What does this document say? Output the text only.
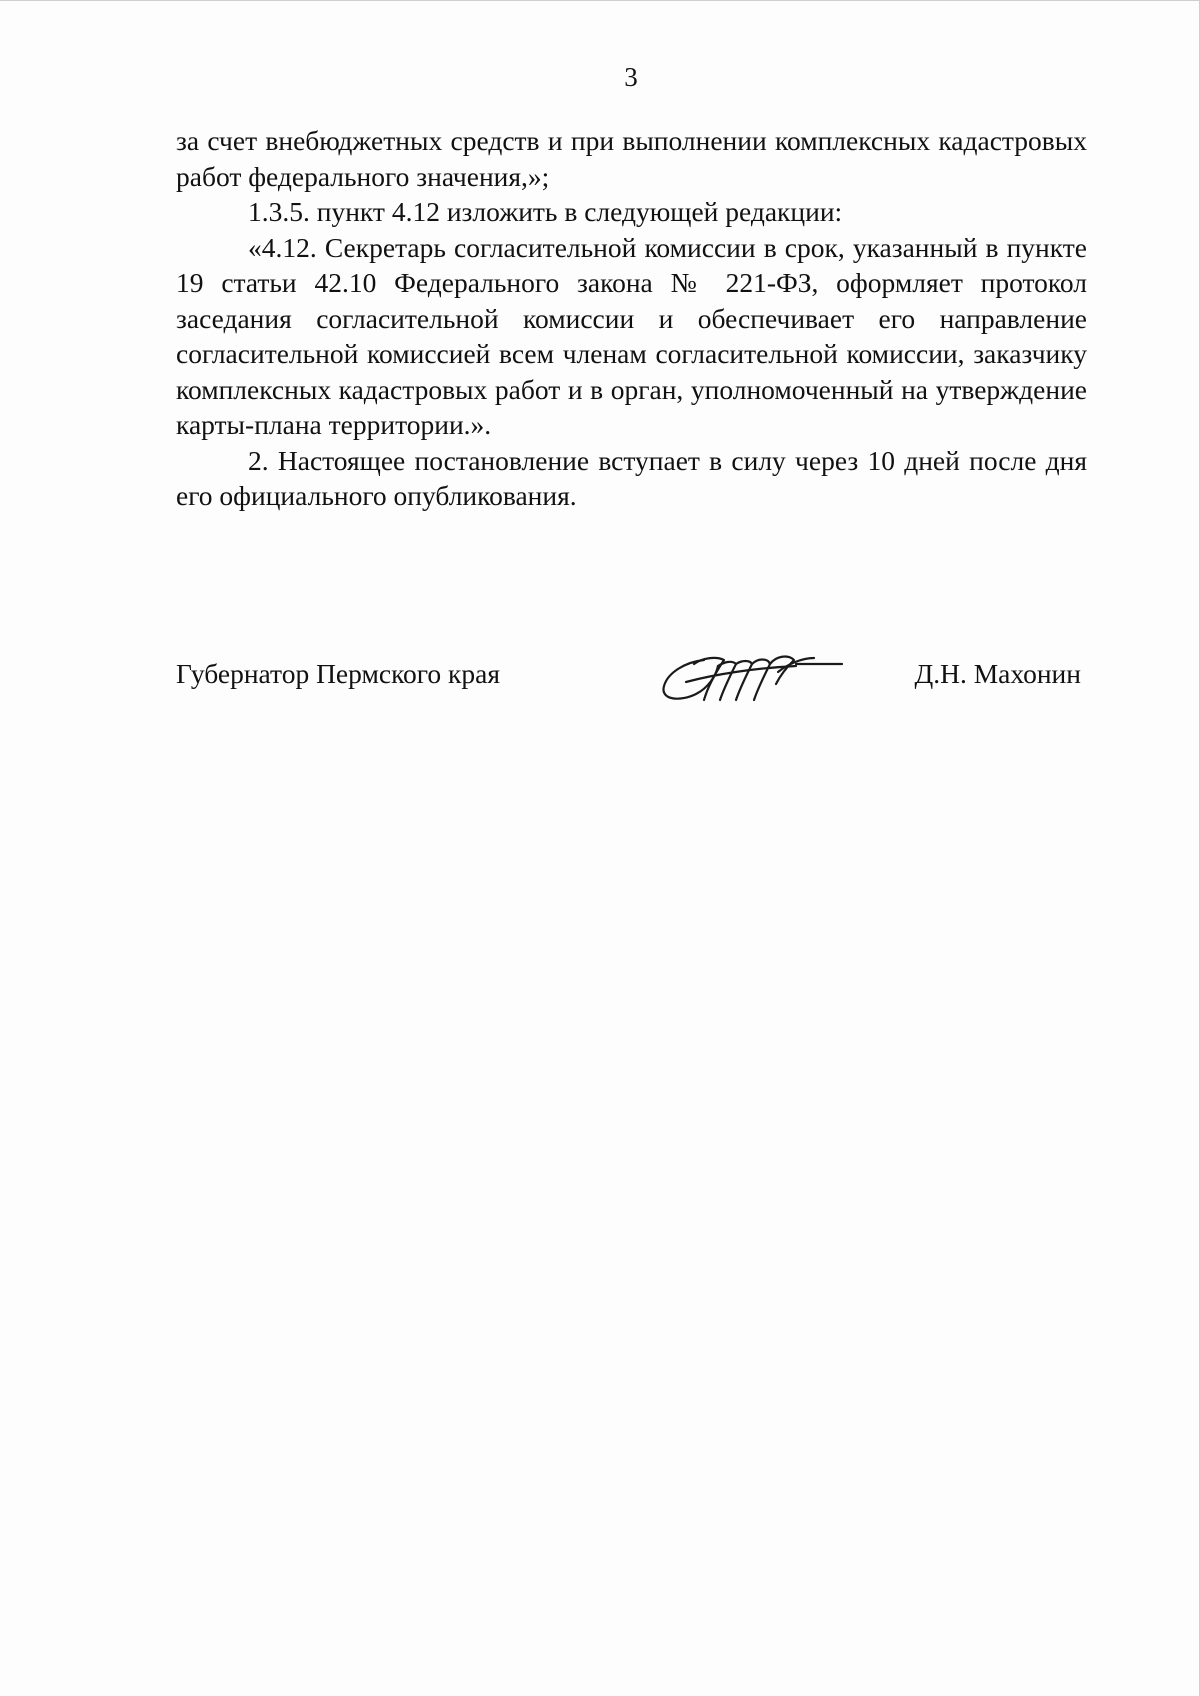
3

за счет внебюджетных средств и при выполнении комплексных кадастровых работ федерального значения,»;

1.3.5. пункт 4.12 изложить в следующей редакции:

«4.12. Секретарь согласительной комиссии в срок, указанный в пункте 19 статьи 42.10 Федерального закона № 221-ФЗ, оформляет протокол заседания согласительной комиссии и обеспечивает его направление согласительной комиссией всем членам согласительной комиссии, заказчику комплексных кадастровых работ и в орган, уполномоченный на утверждение карты-плана территории.».

2. Настоящее постановление вступает в силу через 10 дней после дня его официального опубликования.

Губернатор Пермского края	Д.Н. Махонин
